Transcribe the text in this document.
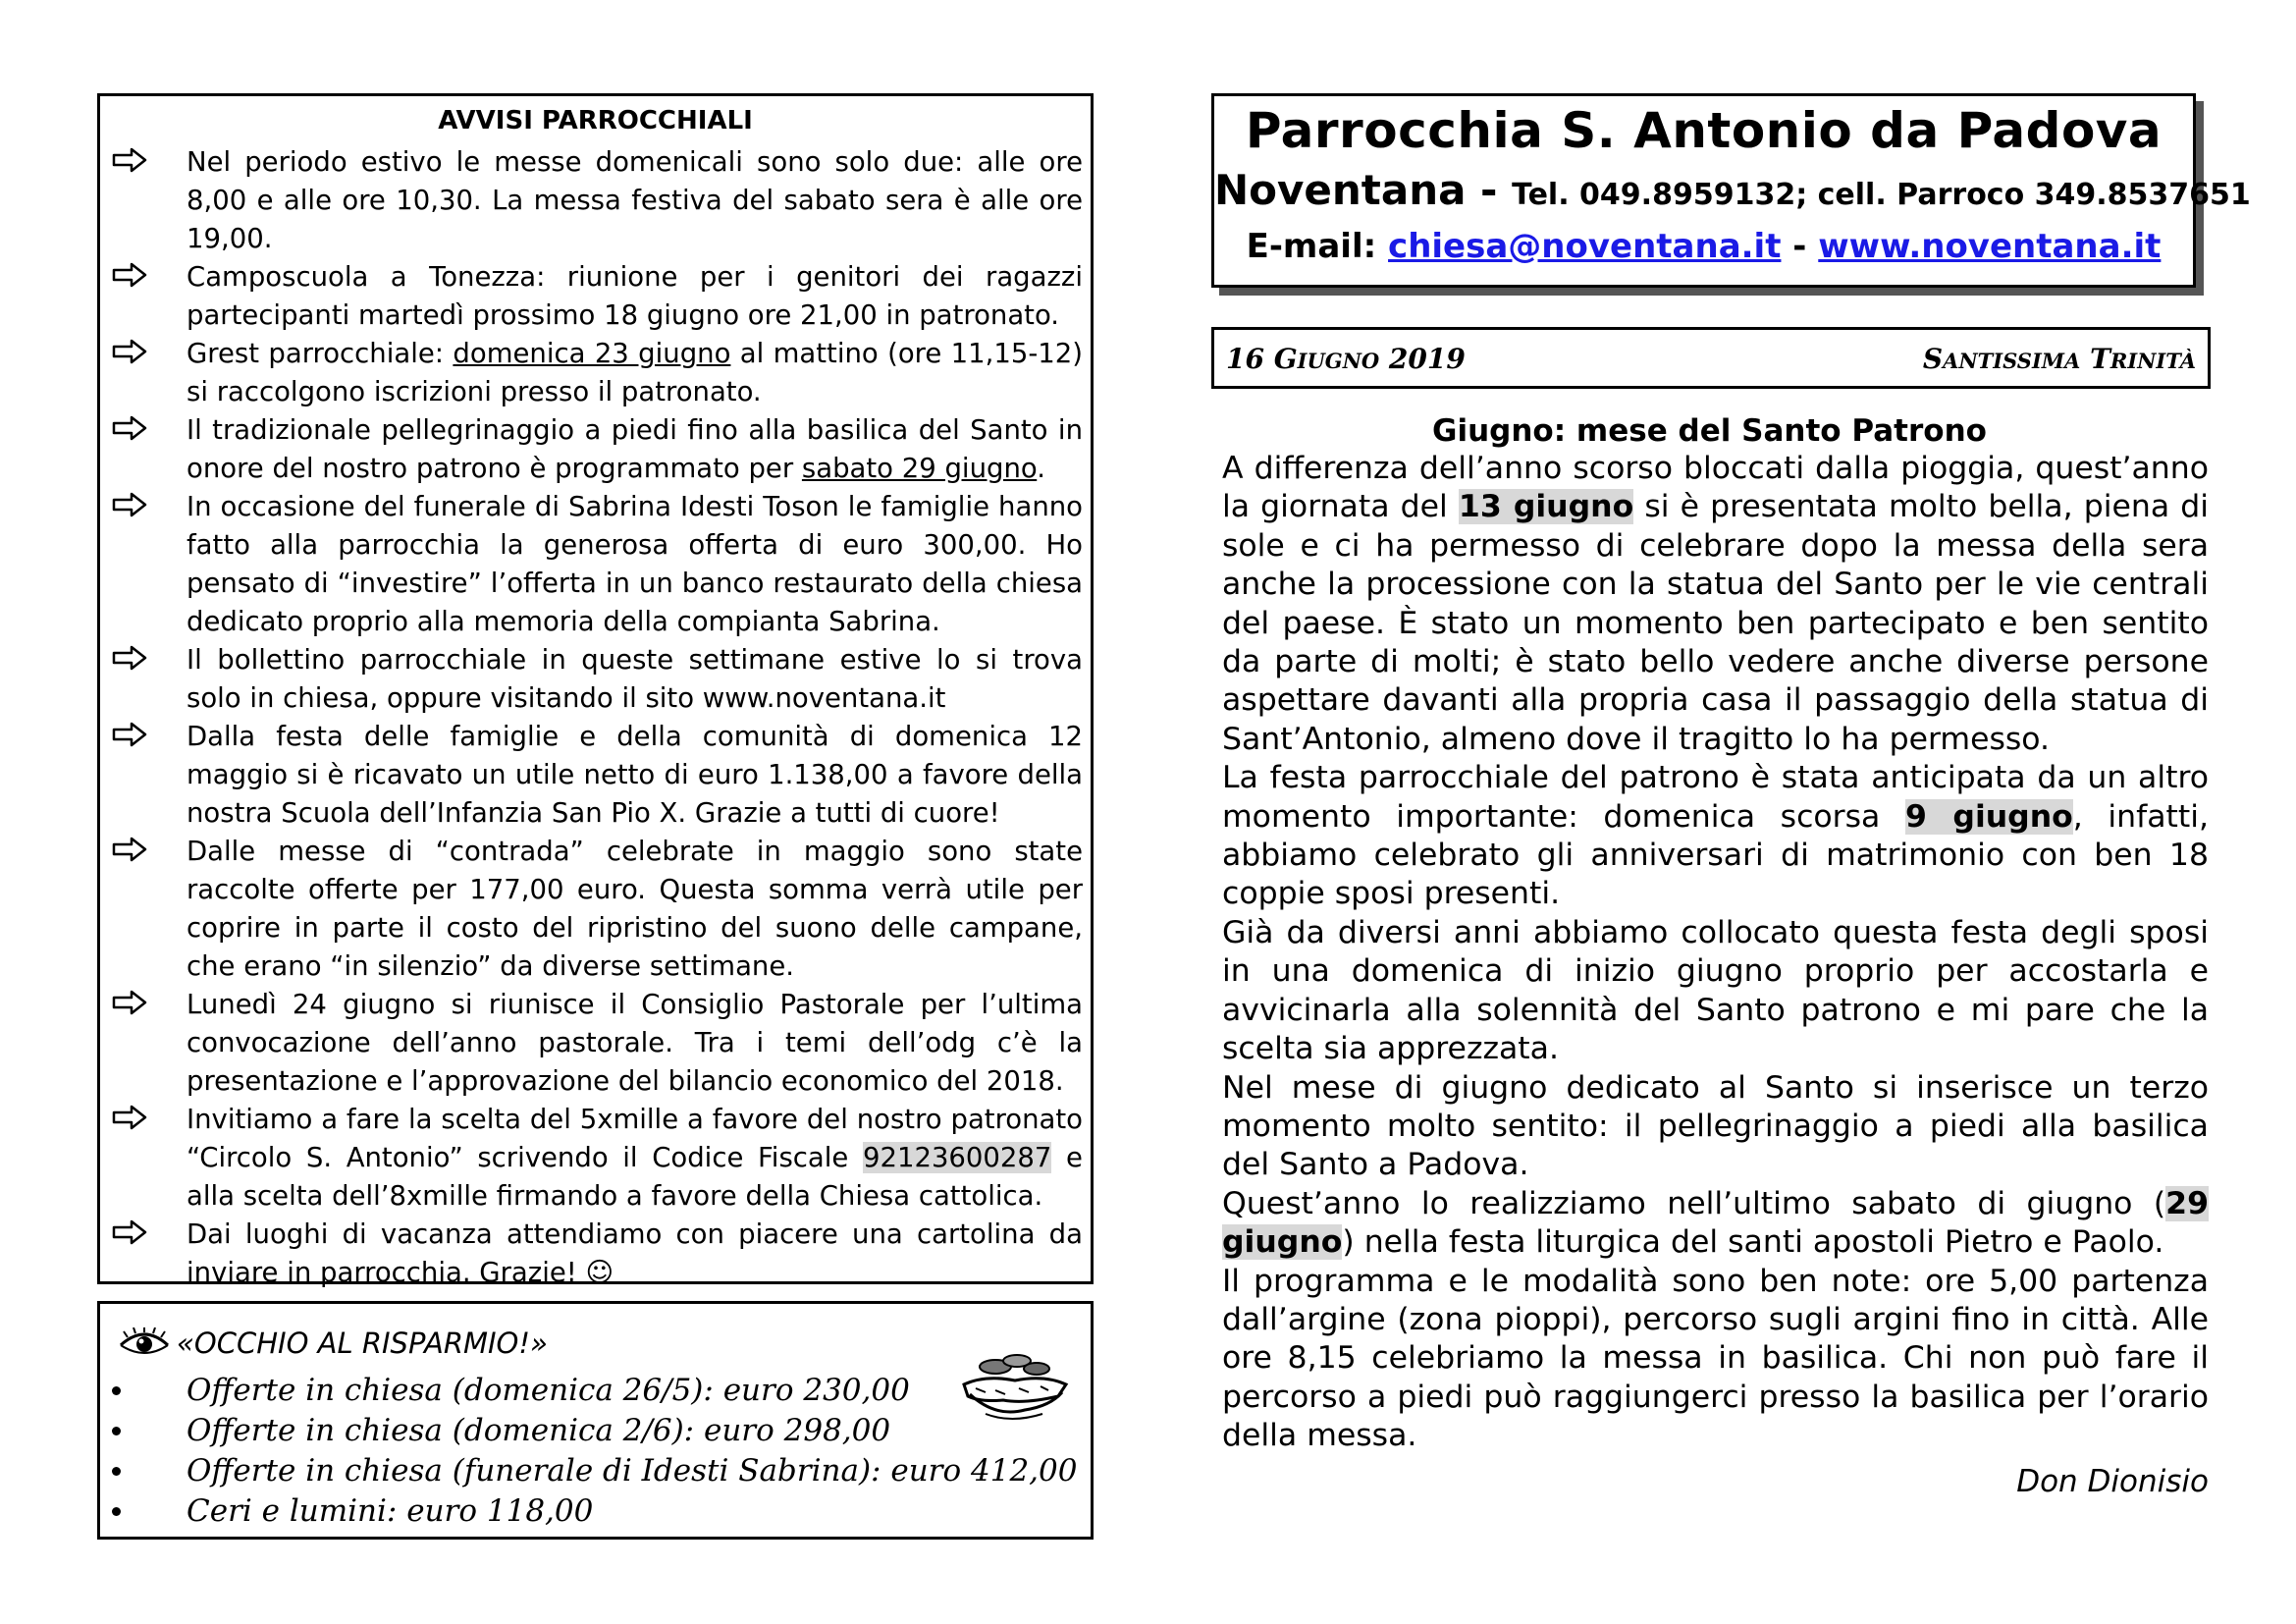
AVVISI PARROCCHIALI
Nel periodo estivo le messe domenicali sono solo due: alle ore 8,00 e alle ore 10,30. La messa festiva del sabato sera è alle ore 19,00.
Camposcuola a Tonezza: riunione per i genitori dei ragazzi partecipanti martedì prossimo 18 giugno ore 21,00 in patronato.
Grest parrocchiale: domenica 23 giugno al mattino (ore 11,15-12) si raccolgono iscrizioni presso il patronato.
Il tradizionale pellegrinaggio a piedi fino alla basilica del Santo in onore del nostro patrono è programmato per sabato 29 giugno.
In occasione del funerale di Sabrina Idesti Toson le famiglie hanno fatto alla parrocchia la generosa offerta di euro 300,00. Ho pensato di “investire” l’offerta in un banco restaurato della chiesa dedicato proprio alla memoria della compianta Sabrina.
Il bollettino parrocchiale in queste settimane estive lo si trova solo in chiesa, oppure visitando il sito www.noventana.it
Dalla festa delle famiglie e della comunità di domenica 12 maggio si è ricavato un utile netto di euro 1.138,00 a favore della nostra Scuola dell’Infanzia San Pio X. Grazie a tutti di cuore!
Dalle messe di “contrada” celebrate in maggio sono state raccolte offerte per 177,00 euro. Questa somma verrà utile per coprire in parte il costo del ripristino del suono delle campane, che erano “in silenzio” da diverse settimane.
Lunedì 24 giugno si riunisce il Consiglio Pastorale per l’ultima convocazione dell’anno pastorale. Tra i temi dell’odg c’è la presentazione e l’approvazione del bilancio economico del 2018.
Invitiamo a fare la scelta del 5xmille a favore del nostro patronato “Circolo S. Antonio” scrivendo il Codice Fiscale 92123600287 e alla scelta dell’8xmille firmando a favore della Chiesa cattolica.
Dai luoghi di vacanza attendiamo con piacere una cartolina da inviare in parrocchia. Grazie! ☺
«OCCHIO AL RISPARMIO!»
Offerte in chiesa (domenica 26/5): euro 230,00
Offerte in chiesa (domenica 2/6): euro 298,00
Offerte in chiesa (funerale di Idesti Sabrina): euro 412,00
Ceri e lumini: euro 118,00
Parrocchia S. Antonio da Padova
Noventana - Tel. 049.8959132; cell. Parroco 349.8537651
E-mail: chiesa@noventana.it - www.noventana.it
16 GIUGNO 2019	SANTISSIMA TRINITÀ
Giugno: mese del Santo Patrono

A differenza dell’anno scorso bloccati dalla pioggia, quest’anno la giornata del 13 giugno si è presentata molto bella, piena di sole e ci ha permesso di celebrare dopo la messa della sera anche la processione con la statua del Santo per le vie centrali del paese. È stato un momento ben partecipato e ben sentito da parte di molti; è stato bello vedere anche diverse persone aspettare davanti alla propria casa il passaggio della statua di Sant’Antonio, almeno dove il tragitto lo ha permesso.

La festa parrocchiale del patrono è stata anticipata da un altro momento importante: domenica scorsa 9 giugno, infatti, abbiamo celebrato gli anniversari di matrimonio con ben 18 coppie sposi presenti.

Già da diversi anni abbiamo collocato questa festa degli sposi in una domenica di inizio giugno proprio per accostarla e avvicinarla alla solennità del Santo patrono e mi pare che la scelta sia apprezzata.

Nel mese di giugno dedicato al Santo si inserisce un terzo momento molto sentito: il pellegrinaggio a piedi alla basilica del Santo a Padova.

Quest’anno lo realizziamo nell’ultimo sabato di giugno (29 giugno) nella festa liturgica del santi apostoli Pietro e Paolo.

Il programma e le modalità sono ben note: ore 5,00 partenza dall’argine (zona pioppi), percorso sugli argini fino in città. Alle ore 8,15 celebriamo la messa in basilica. Chi non può fare il percorso a piedi può raggiungerci presso la basilica per l’orario della messa.

Don Dionisio
